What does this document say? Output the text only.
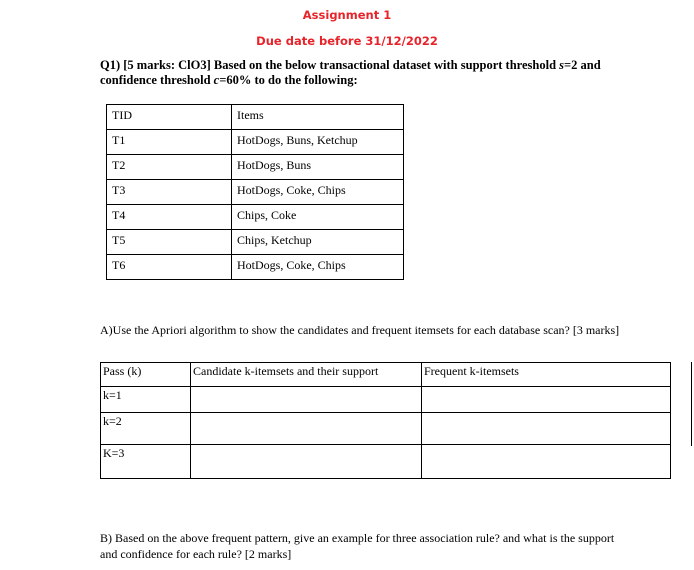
Assignment 1
Due date before 31/12/2022
Q1) [5 marks: ClO3] Based on the below transactional dataset with support threshold s=2 and confidence threshold c=60% to do the following:
TID	Items
T1	HotDogs, Buns, Ketchup
T2	HotDogs, Buns
T3	HotDogs, Coke, Chips
T4	Chips, Coke
T5	Chips, Ketchup
T6	HotDogs, Coke, Chips
A)Use the Apriori algorithm to show the candidates and frequent itemsets for each database scan? [3 marks]
Pass (k)	Candidate k-itemsets and their support	Frequent k-itemsets
k=1		
k=2		
K=3		
B) Based on the above frequent pattern, give an example for three association rule? and what is the support and confidence for each rule? [2 marks]
